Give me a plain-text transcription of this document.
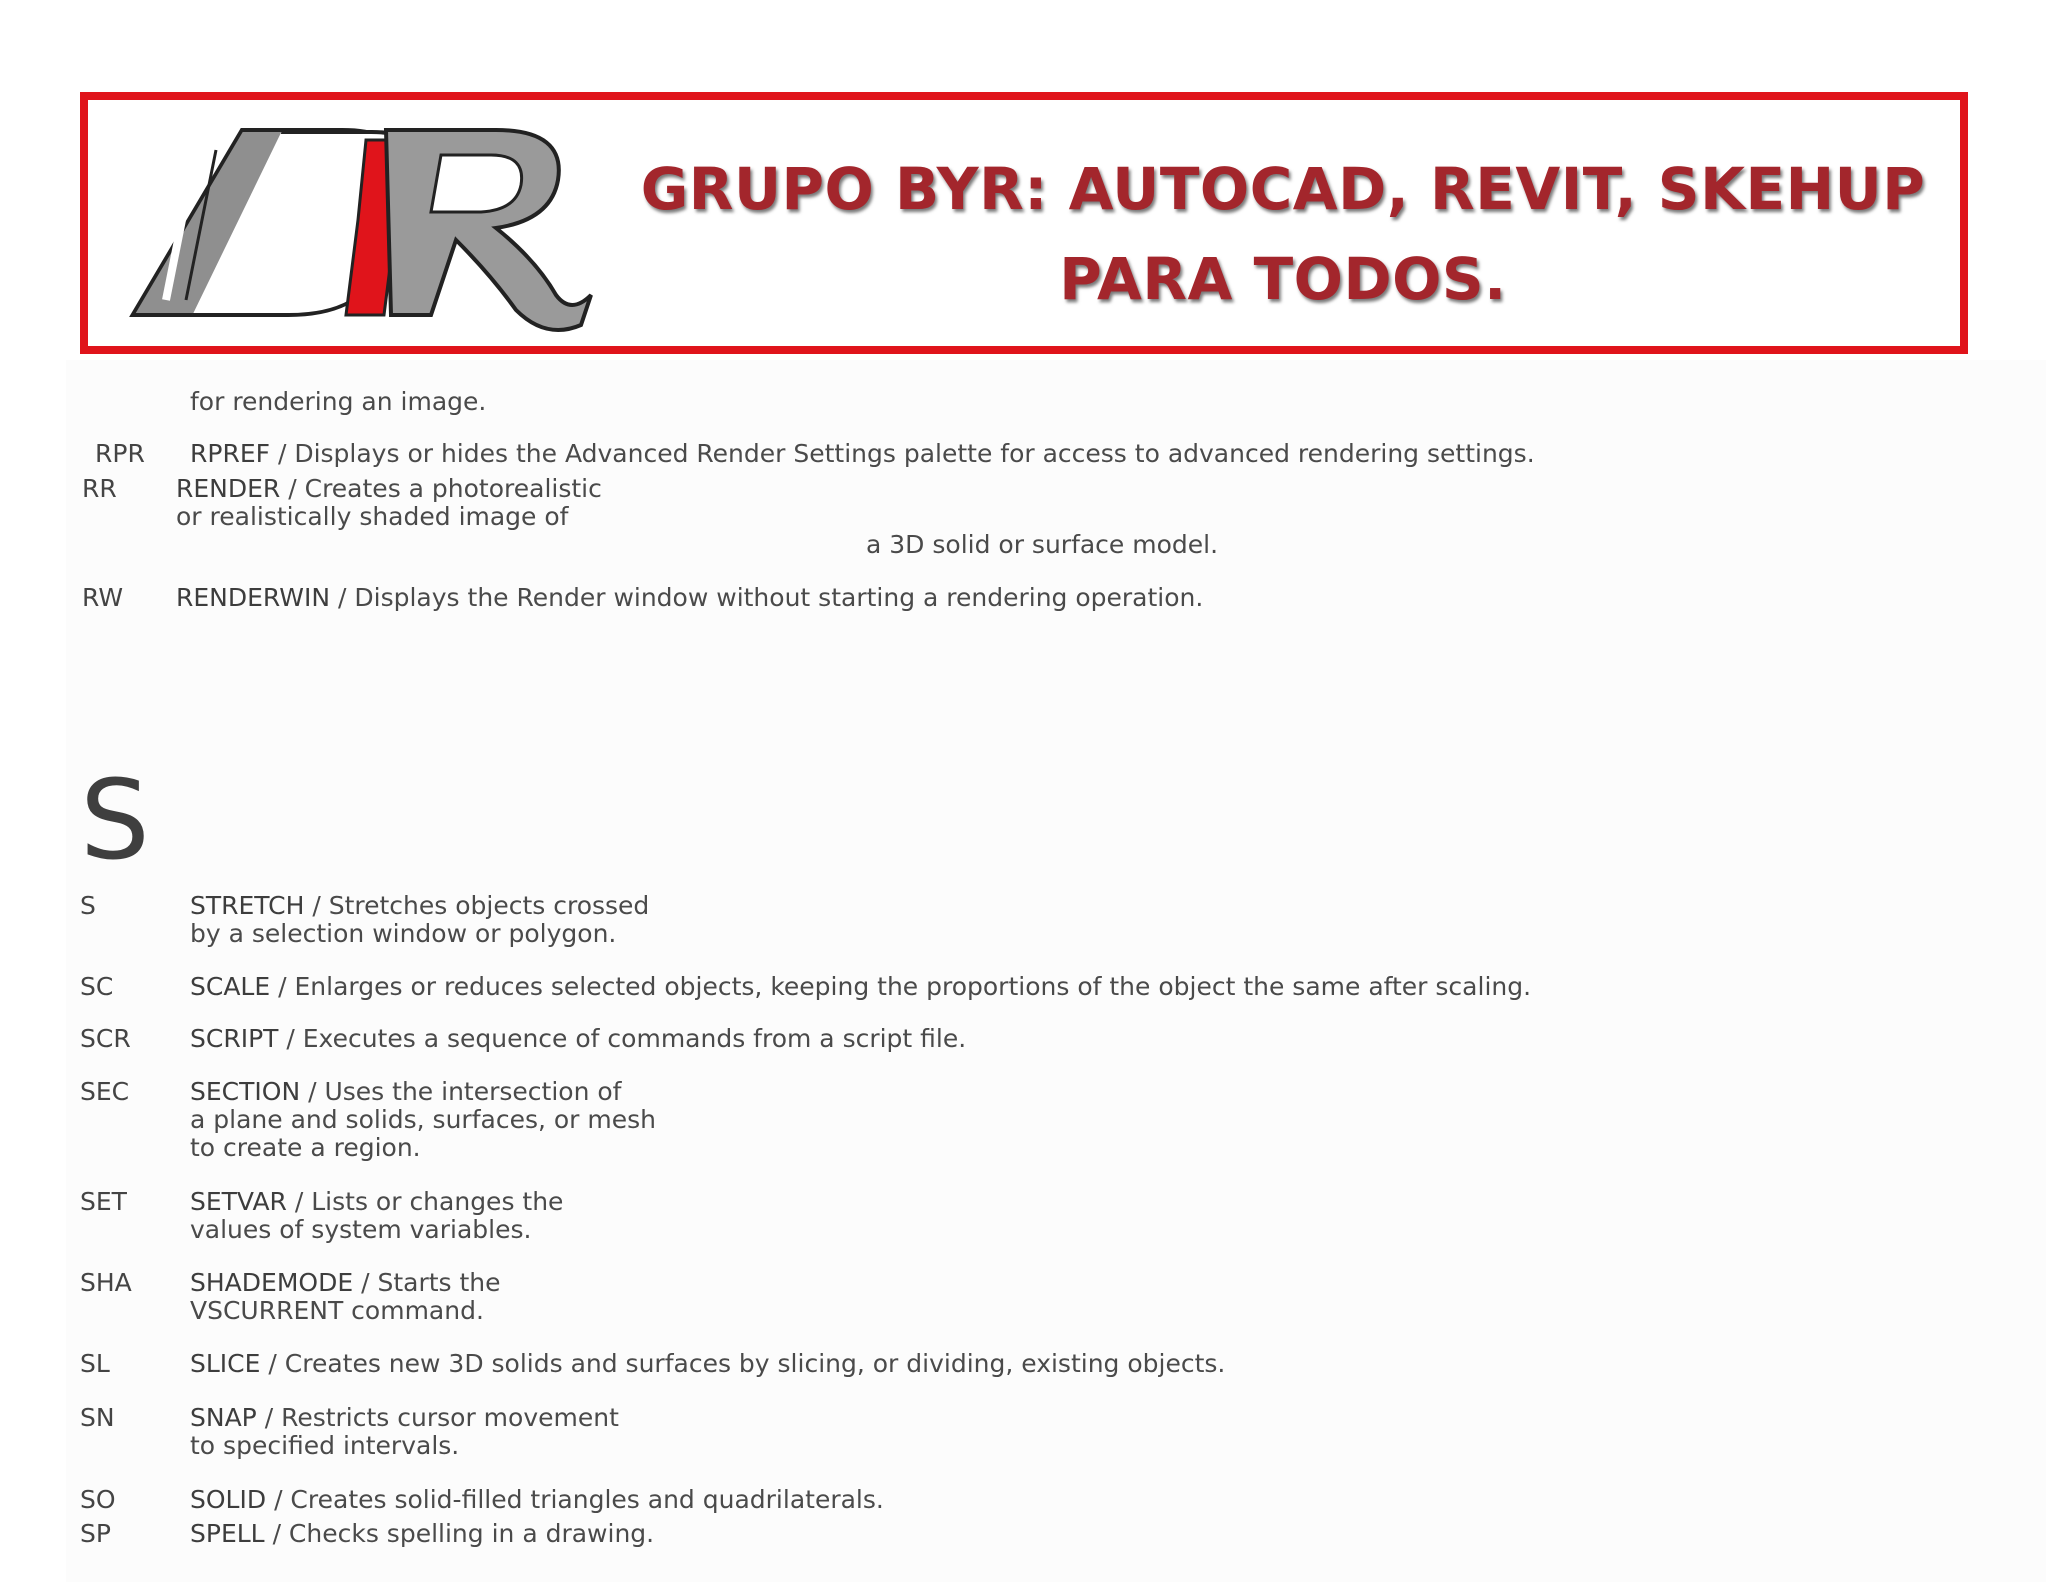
GRUPO BYR: AUTOCAD, REVIT, SKEHUP
PARA TODOS.
for rendering an image.
RPR RPREF / Displays or hides the Advanced Render Settings palette for access to advanced rendering settings.
RR RENDER / Creates a photorealistic
or realistically shaded image of
a 3D solid or surface model.
RW RENDERWIN / Displays the Render window without starting a rendering operation.
S
S	STRETCH / Stretches objects crossed
by a selection window or polygon.
SC	SCALE / Enlarges or reduces selected objects, keeping the proportions of the object the same after scaling.
SCR SCRIPT / Executes a sequence of commands from a script file.
SEC SECTION / Uses the intersection of
a plane and solids, surfaces, or mesh
to create a region.
SET	SETVAR / Lists or changes the
values of system variables.
SHA SHADEMODE / Starts the
VSCURRENT command.
SL	SLICE / Creates new 3D solids and surfaces by slicing, or dividing, existing objects.
SN	SNAP / Restricts cursor movement
to specified intervals.
SO	SOLID / Creates solid-filled triangles and quadrilaterals.
SP	SPELL / Checks spelling in a drawing.
